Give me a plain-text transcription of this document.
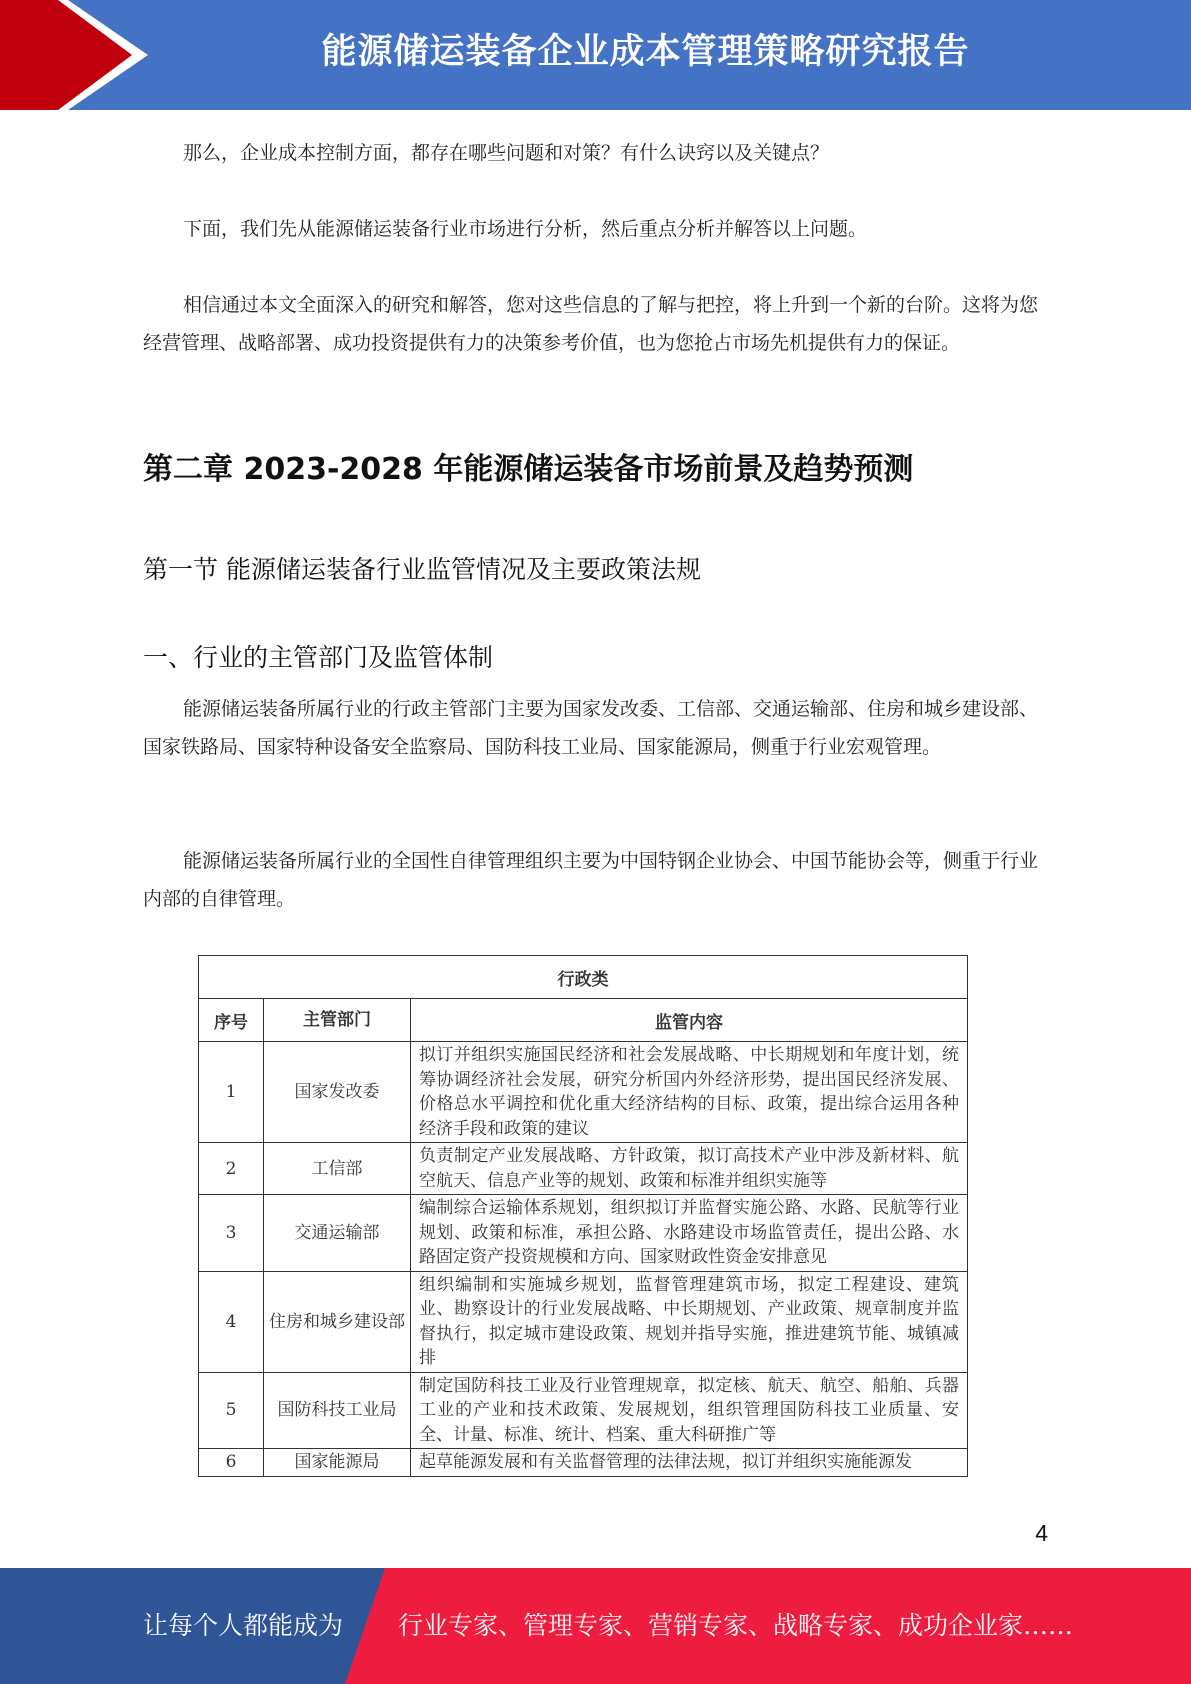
能源储运装备企业成本管理策略研究报告

那么，企业成本控制方面，都存在哪些问题和对策？有什么诀窍以及关键点？

下面，我们先从能源储运装备行业市场进行分析，然后重点分析并解答以上问题。

相信通过本文全面深入的研究和解答，您对这些信息的了解与把控，将上升到一个新的台阶。这将为您经营管理、战略部署、成功投资提供有力的决策参考价值，也为您抢占市场先机提供有力的保证。

第二章 2023-2028 年能源储运装备市场前景及趋势预测
第一节 能源储运装备行业监管情况及主要政策法规
一、行业的主管部门及监管体制

能源储运装备所属行业的行政主管部门主要为国家发改委、工信部、交通运输部、住房和城乡建设部、国家铁路局、国家特种设备安全监察局、国防科技工业局、国家能源局，侧重于行业宏观管理。

能源储运装备所属行业的全国性自律管理组织主要为中国特钢企业协会、中国节能协会等，侧重于行业内部的自律管理。

行政类		
序号	主管部门	监管内容
1	国家发改委	拟订并组织实施国民经济和社会发展战略、中长期规划和年度计划，统筹协调经济社会发展，研究分析国内外经济形势，提出国民经济发展、价格总水平调控和优化重大经济结构的目标、政策，提出综合运用各种经济手段和政策的建议
2	工信部	负责制定产业发展战略、方针政策，拟订高技术产业中涉及新材料、航空航天、信息产业等的规划、政策和标准并组织实施等
3	交通运输部	编制综合运输体系规划，组织拟订并监督实施公路、水路、民航等行业规划、政策和标准，承担公路、水路建设市场监管责任，提出公路、水路固定资产投资规模和方向、国家财政性资金安排意见
4	住房和城乡建设部	组织编制和实施城乡规划，监督管理建筑市场，拟定工程建设、建筑业、勘察设计的行业发展战略、中长期规划、产业政策、规章制度并监督执行，拟定城市建设政策、规划并指导实施，推进建筑节能、城镇减排
5	国防科技工业局	制定国防科技工业及行业管理规章，拟定核、航天、航空、船舶、兵器工业的产业和技术政策、发展规划，组织管理国防科技工业质量、安全、计量、标准、统计、档案、重大科研推广等
6	国家能源局	起草能源发展和有关监督管理的法律法规，拟订并组织实施能源发
4
让每个人都能成为 行业专家、管理专家、营销专家、战略专家、成功企业家……
